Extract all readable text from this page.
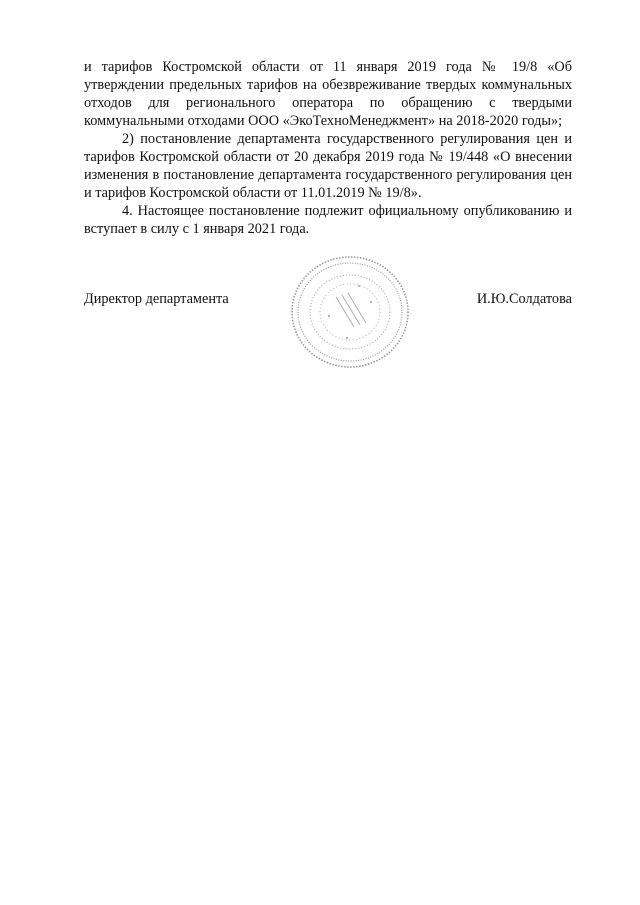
и тарифов Костромской области от 11 января 2019 года № 19/8 «Об утверждении предельных тарифов на обезвреживание твердых коммунальных отходов для регионального оператора по обращению с твердыми коммунальными отходами ООО «ЭкоТехноМенеджмент» на 2018-2020 годы»;

2) постановление департамента государственного регулирования цен и тарифов Костромской области от 20 декабря 2019 года № 19/448 «О внесении изменения в постановление департамента государственного регулирования цен и тарифов Костромской области от 11.01.2019 № 19/8».

4. Настоящее постановление подлежит официальному опубликованию и вступает в силу с 1 января 2021 года.

Директор департамента	И.Ю.Солдатова
